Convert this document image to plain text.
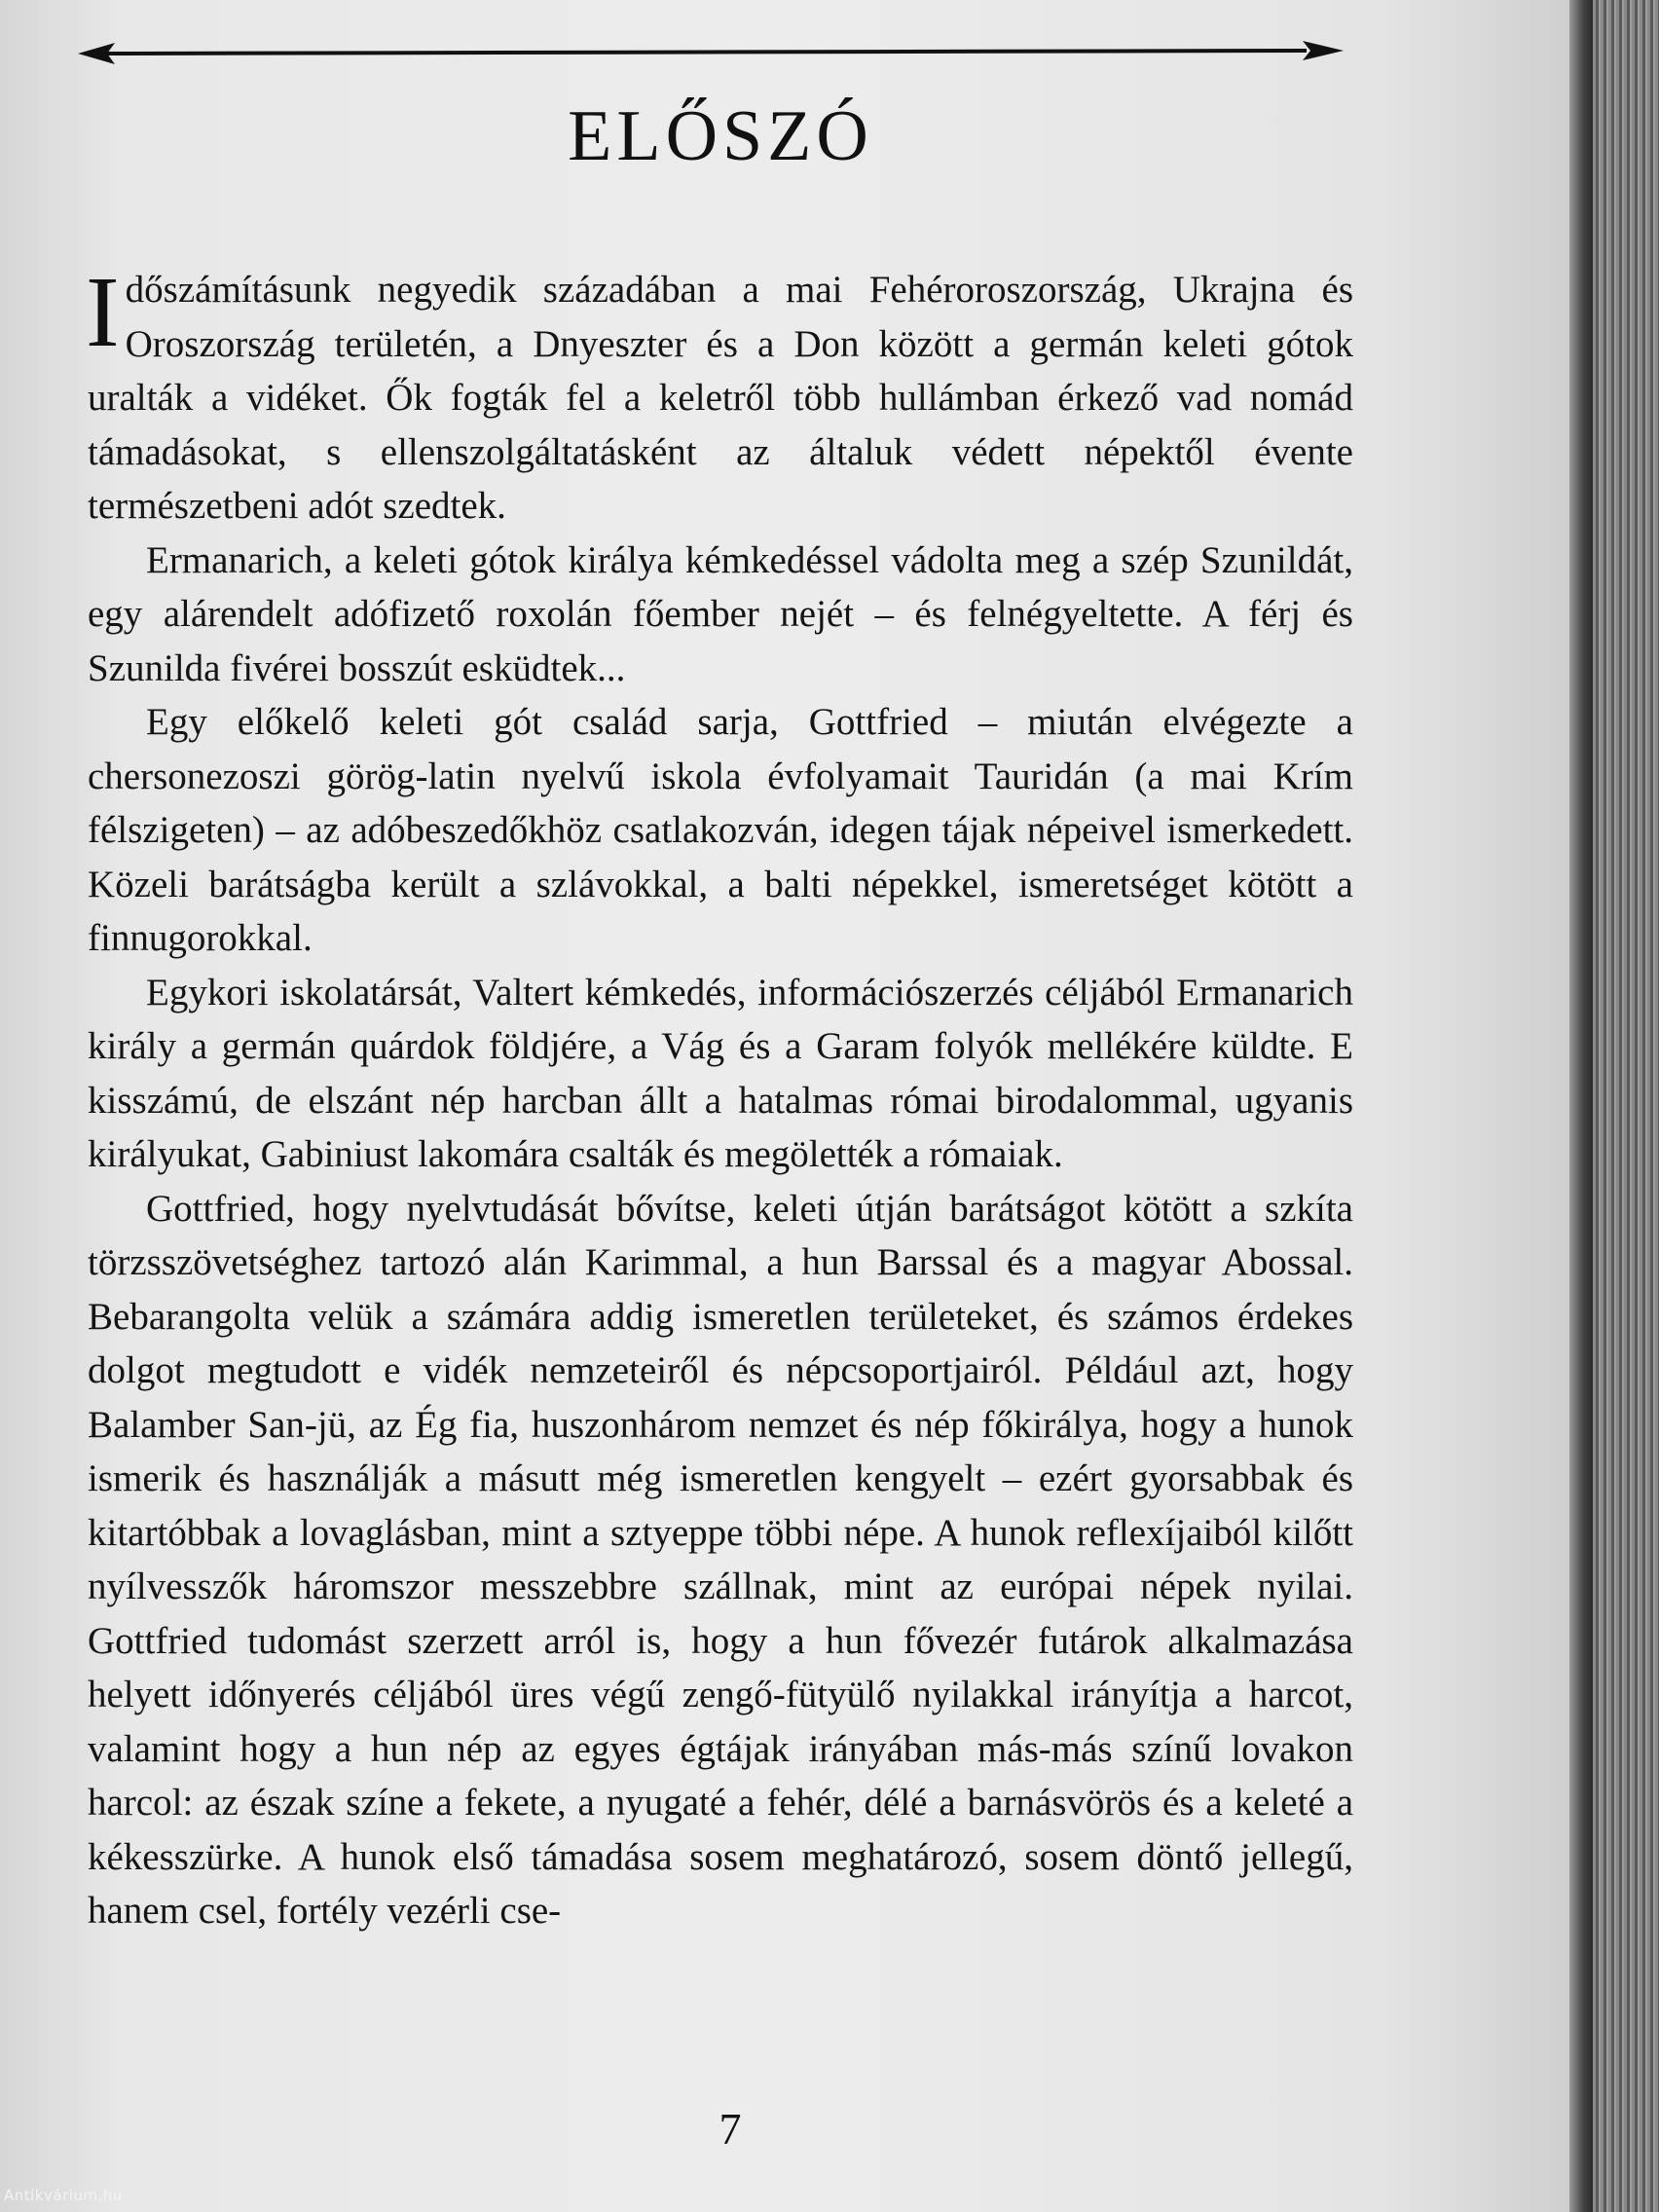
ELŐSZÓ

Időszámításunk negyedik századában a mai Fehéroroszország, Ukrajna és Oroszország területén, a Dnyeszter és a Don között a germán keleti gótok uralták a vidéket. Ők fogták fel a keletről több hullámban érkező vad nomád támadásokat, s ellenszolgáltatásként az általuk védett népektől évente természetbeni adót szedtek.

Ermanarich, a keleti gótok királya kémkedéssel vádolta meg a szép Szunildát, egy alárendelt adófizető roxolán főember nejét – és felnégyeltette. A férj és Szunilda fivérei bosszút esküdtek...

Egy előkelő keleti gót család sarja, Gottfried – miután elvégezte a chersonezoszi görög-latin nyelvű iskola évfolyamait Tauridán (a mai Krím félszigeten) – az adóbeszedőkhöz csatlakozván, idegen tájak népeivel ismerkedett. Közeli barátságba került a szlávokkal, a balti népekkel, ismeretséget kötött a finnugorokkal.

Egykori iskolatársát, Valtert kémkedés, információszerzés céljából Ermanarich király a germán quárdok földjére, a Vág és a Garam folyók mellékére küldte. E kisszámú, de elszánt nép harcban állt a hatalmas római birodalommal, ugyanis királyukat, Gabiniust lakomára csalták és megölették a rómaiak.

Gottfried, hogy nyelvtudását bővítse, keleti útján barátságot kötött a szkíta törzsszövetséghez tartozó alán Karimmal, a hun Barssal és a magyar Abossal. Bebarangolta velük a számára addig ismeretlen területeket, és számos érdekes dolgot megtudott e vidék nemzeteiről és népcsoportjairól. Például azt, hogy Balamber San-jü, az Ég fia, huszonhárom nemzet és nép főkirálya, hogy a hunok ismerik és használják a másutt még ismeretlen kengyelt – ezért gyorsabbak és kitartóbbak a lovaglásban, mint a sztyeppe többi népe. A hunok reflexíjaiból kilőtt nyílvesszők háromszor messzebbre szállnak, mint az európai népek nyilai. Gottfried tudomást szerzett arról is, hogy a hun fővezér futárok alkalmazása helyett időnyerés céljából üres végű zengő-fütyülő nyilakkal irányítja a harcot, valamint hogy a hun nép az egyes égtájak irányában más-más színű lovakon harcol: az észak színe a fekete, a nyugaté a fehér, délé a barnásvörös és a keleté a kékesszürke. A hunok első támadása sosem meghatározó, sosem döntő jellegű, hanem csel, fortély vezérli cse-

7
Antikvárium.hu
